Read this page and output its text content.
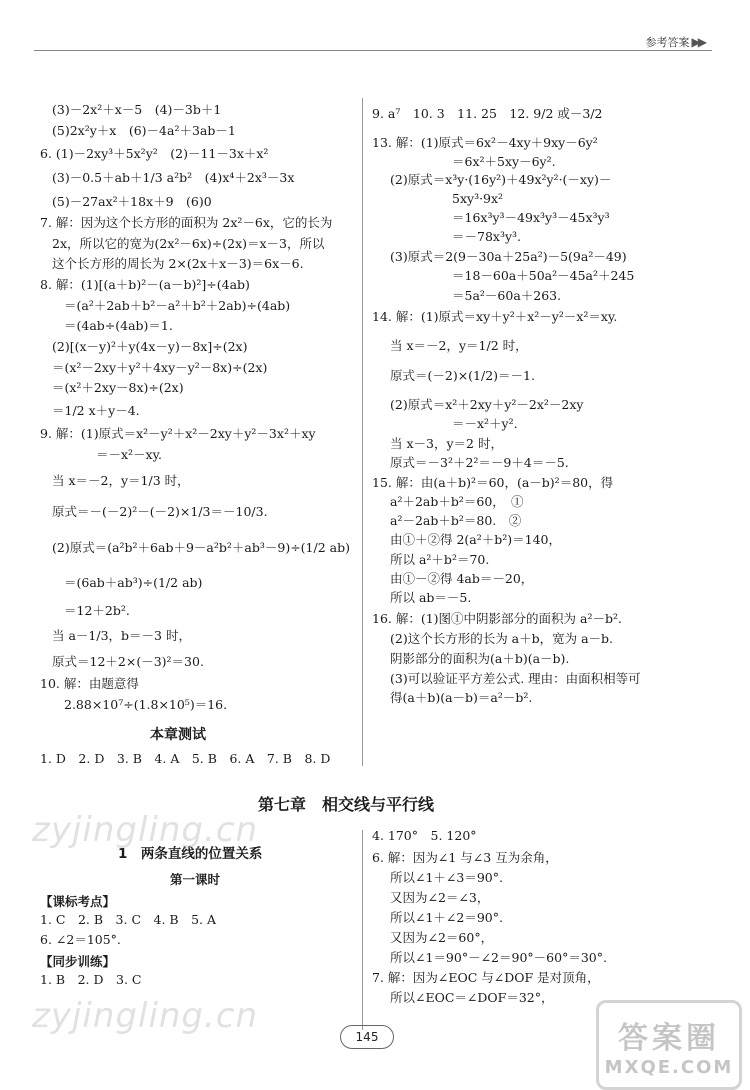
参考答案 ▶▶
(3)－2x²＋x－5　(4)－3b＋1
(5)2x²y＋x　(6)－4a²＋3ab－1
6. (1)－2xy³＋5x²y²　(2)－11－3x＋x²
(3)－0.5＋ab＋1/3 a²b²　(4)x⁴＋2x³－3x
(5)－27ax²＋18x＋9　(6)0
7. 解：因为这个长方形的面积为 2x²－6x，它的长为
2x，所以它的宽为(2x²－6x)÷(2x)＝x－3，所以
这个长方形的周长为 2×(2x＋x－3)＝6x－6.
8. 解：(1)[(a＋b)²－(a－b)²]÷(4ab)
＝(a²＋2ab＋b²－a²＋b²＋2ab)÷(4ab)
＝(4ab÷(4ab)＝1.
(2)[(x－y)²＋y(4x－y)－8x]÷(2x)
＝(x²－2xy＋y²＋4xy－y²－8x)÷(2x)
＝(x²＋2xy－8x)÷(2x)
＝1/2 x＋y－4.
9. 解：(1)原式＝x²－y²＋x²－2xy＋y²－3x²＋xy
＝－x²－xy.
当 x＝－2，y＝1/3 时，
原式＝－(－2)²－(－2)×1/3＝－10/3.
(2)原式＝(a²b²＋6ab＋9－a²b²＋ab³－9)÷(1/2 ab)
＝(6ab＋ab³)÷(1/2 ab)
＝12＋2b².
当 a－1/3，b＝－3 时，
原式＝12＋2×(－3)²＝30.
10. 解：由题意得
2.88×10⁷÷(1.8×10⁵)＝16.
本章测试
1. D　2. D　3. B　4. A　5. B　6. A　7. B　8. D
9. a⁷　10. 3　11. 25　12. 9/2 或－3/2
13. 解：(1)原式＝6x²－4xy＋9xy－6y²
＝6x²＋5xy－6y².
(2)原式＝x³y·(16y²)＋49x²y²·(－xy)－
5xy³·9x²
＝16x³y³－49x³y³－45x³y³
＝－78x³y³.
(3)原式＝2(9－30a＋25a²)－5(9a²－49)
＝18－60a＋50a²－45a²＋245
＝5a²－60a＋263.
14. 解：(1)原式＝xy＋y²＋x²－y²－x²＝xy.
当 x＝－2，y＝1/2 时，
原式＝(－2)×(1/2)＝－1.
(2)原式＝x²＋2xy＋y²－2x²－2xy
＝－x²＋y².
当 x－3，y＝2 时，
原式＝－3²＋2²＝－9＋4＝－5.
15. 解：由(a＋b)²＝60，(a－b)²＝80，得
a²＋2ab＋b²＝60，　①
a²－2ab＋b²＝80.　②
由①＋②得 2(a²＋b²)＝140，
所以 a²＋b²＝70.
由①－②得 4ab＝－20，
所以 ab＝－5.
16. 解：(1)图①中阴影部分的面积为 a²－b².
(2)这个长方形的长为 a＋b，宽为 a－b.
阴影部分的面积为(a＋b)(a－b).
(3)可以验证平方差公式. 理由：由面积相等可
得(a＋b)(a－b)＝a²－b².
第七章　相交线与平行线
1　两条直线的位置关系
第一课时
【课标考点】
1. C　2. B　3. C　4. B　5. A
6. ∠2＝105°.
【同步训练】
1. B　2. D　3. C
4. 170°　5. 120°
6. 解：因为∠1 与∠3 互为余角，
所以∠1＋∠3＝90°.
又因为∠2＝∠3，
所以∠1＋∠2＝90°.
又因为∠2＝60°，
所以∠1＝90°－∠2＝90°－60°＝30°.
7. 解：因为∠EOC 与∠DOF 是对顶角，
所以∠EOC＝∠DOF＝32°，
zyjingling.cn
zyjingling.cn
145	答案圈
MXQE.COM
